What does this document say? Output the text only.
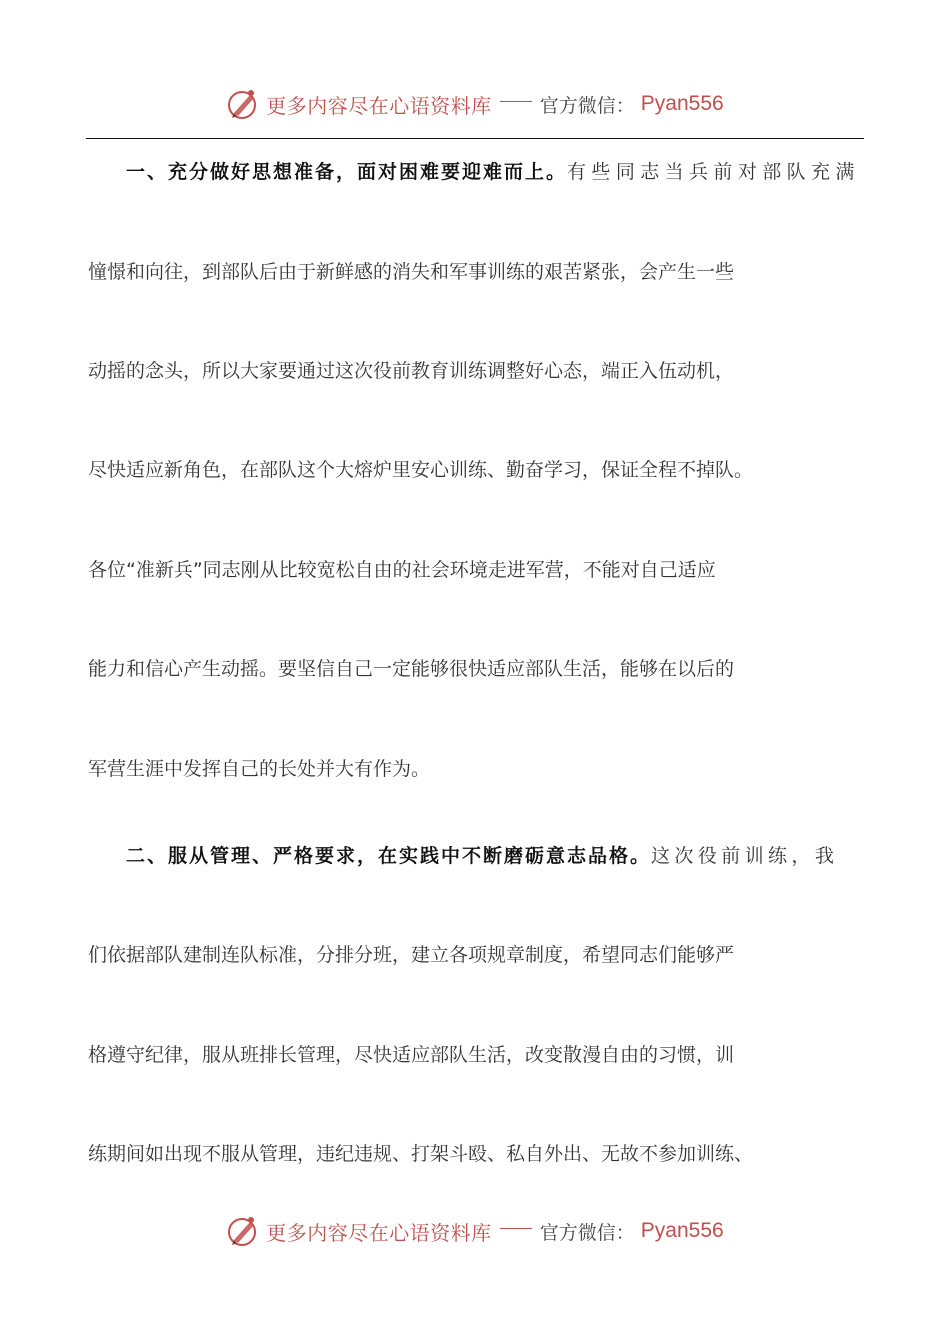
更多内容尽在心语资料库	官方微信： Pyan556
一、充分做好思想准备，面对困难要迎难而上。 有些同志当兵前对部队充满
憧憬和向往，到部队后由于新鲜感的消失和军事训练的艰苦紧张，会产生一些
动摇的念头，所以大家要通过这次役前教育训练调整好心态，端正入伍动机，
尽快适应新角色，在部队这个大熔炉里安心训练、勤奋学习，保证全程不掉队。
各位“准新兵”同志刚从比较宽松自由的社会环境走进军营，不能对自己适应
能力和信心产生动摇。要坚信自己一定能够很快适应部队生活，能够在以后的
军营生涯中发挥自己的长处并大有作为。
二、服从管理、严格要求，在实践中不断磨砺意志品格。 这次役前训练，我
们依据部队建制连队标准，分排分班，建立各项规章制度，希望同志们能够严
格遵守纪律，服从班排长管理，尽快适应部队生活，改变散漫自由的习惯，训
练期间如出现不服从管理，违纪违规、打架斗殴、私自外出、无故不参加训练、
更多内容尽在心语资料库	官方微信： Pyan556
